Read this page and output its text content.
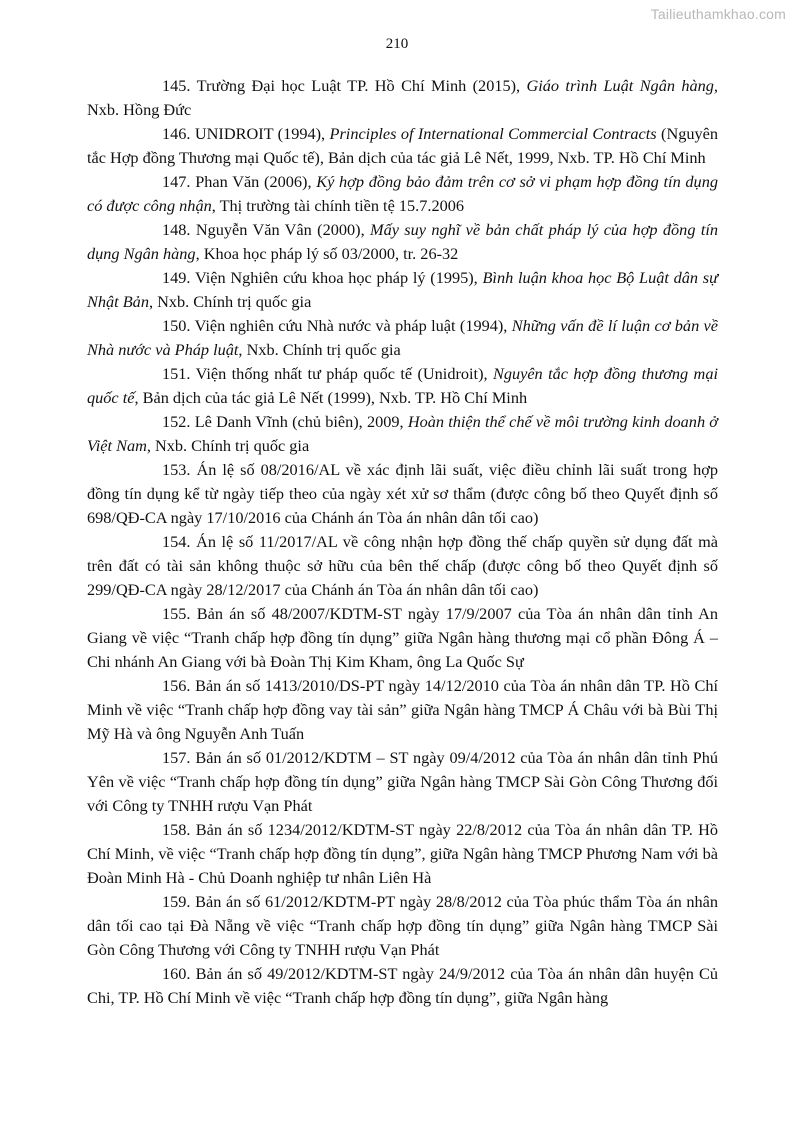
Tailieuthamkhao.com
210

145. Trường Đại học Luật TP. Hồ Chí Minh (2015), Giáo trình Luật Ngân hàng, Nxb. Hồng Đức

146. UNIDROIT (1994), Principles of International Commercial Contracts (Nguyên tắc Hợp đồng Thương mại Quốc tế), Bản dịch của tác giả Lê Nết, 1999, Nxb. TP. Hồ Chí Minh

147. Phan Văn (2006), Ký hợp đồng bảo đảm trên cơ sở vi phạm hợp đồng tín dụng có được công nhận, Thị trường tài chính tiền tệ 15.7.2006

148. Nguyễn Văn Vân (2000), Mấy suy nghĩ về bản chất pháp lý của hợp đồng tín dụng Ngân hàng, Khoa học pháp lý số 03/2000, tr. 26-32

149. Viện Nghiên cứu khoa học pháp lý (1995), Bình luận khoa học Bộ Luật dân sự Nhật Bản, Nxb. Chính trị quốc gia

150. Viện nghiên cứu Nhà nước và pháp luật (1994), Những vấn đề lí luận cơ bản về Nhà nước và Pháp luật, Nxb. Chính trị quốc gia

151. Viện thống nhất tư pháp quốc tế (Unidroit), Nguyên tắc hợp đồng thương mại quốc tế, Bản dịch của tác giả Lê Nết (1999), Nxb. TP. Hồ Chí Minh

152. Lê Danh Vĩnh (chủ biên), 2009, Hoàn thiện thể chế về môi trường kinh doanh ở Việt Nam, Nxb. Chính trị quốc gia

153. Án lệ số 08/2016/AL về xác định lãi suất, việc điều chỉnh lãi suất trong hợp đồng tín dụng kể từ ngày tiếp theo của ngày xét xử sơ thẩm (được công bố theo Quyết định số 698/QĐ-CA ngày 17/10/2016 của Chánh án Tòa án nhân dân tối cao)

154. Án lệ số 11/2017/AL về công nhận hợp đồng thế chấp quyền sử dụng đất mà trên đất có tài sản không thuộc sở hữu của bên thế chấp (được công bố theo Quyết định số 299/QĐ-CA ngày 28/12/2017 của Chánh án Tòa án nhân dân tối cao)

155. Bản án số 48/2007/KDTM-ST ngày 17/9/2007 của Tòa án nhân dân tỉnh An Giang về việc “Tranh chấp hợp đồng tín dụng” giữa Ngân hàng thương mại cổ phần Đông Á – Chi nhánh An Giang với bà Đoàn Thị Kim Kham, ông La Quốc Sự

156. Bản án số 1413/2010/DS-PT ngày 14/12/2010 của Tòa án nhân dân TP. Hồ Chí Minh về việc “Tranh chấp hợp đồng vay tài sản” giữa Ngân hàng TMCP Á Châu với bà Bùi Thị Mỹ Hà và ông Nguyễn Anh Tuấn

157. Bản án số 01/2012/KDTM – ST ngày 09/4/2012 của Tòa án nhân dân tỉnh Phú Yên về việc “Tranh chấp hợp đồng tín dụng” giữa Ngân hàng TMCP Sài Gòn Công Thương đối với Công ty TNHH rượu Vạn Phát

158. Bản án số 1234/2012/KDTM-ST ngày 22/8/2012 của Tòa án nhân dân TP. Hồ Chí Minh, về việc “Tranh chấp hợp đồng tín dụng”, giữa Ngân hàng TMCP Phương Nam với bà Đoàn Minh Hà - Chủ Doanh nghiệp tư nhân Liên Hà

159. Bản án số 61/2012/KDTM-PT ngày 28/8/2012 của Tòa phúc thẩm Tòa án nhân dân tối cao tại Đà Nẵng về việc “Tranh chấp hợp đồng tín dụng” giữa Ngân hàng TMCP Sài Gòn Công Thương với Công ty TNHH rượu Vạn Phát

160. Bản án số 49/2012/KDTM-ST ngày 24/9/2012 của Tòa án nhân dân huyện Củ Chi, TP. Hồ Chí Minh về việc “Tranh chấp hợp đồng tín dụng”, giữa Ngân hàng
